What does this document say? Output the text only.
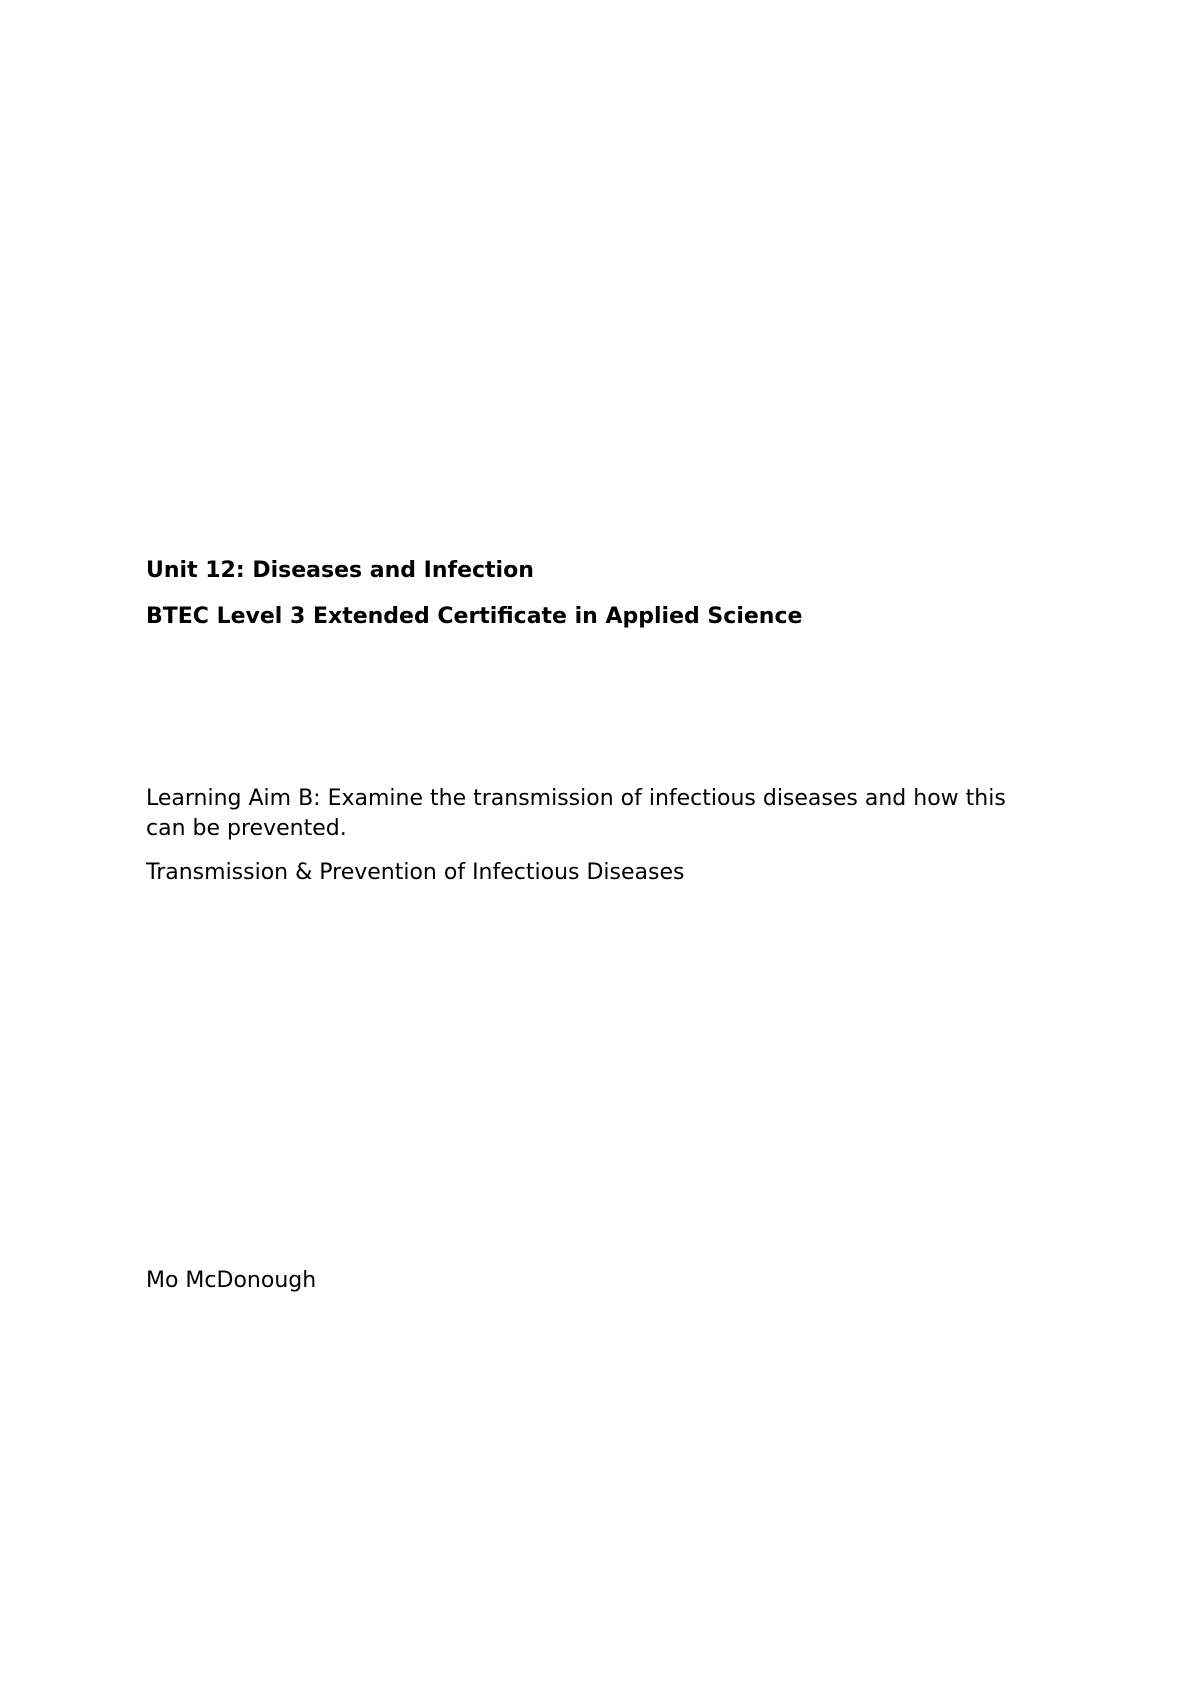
Unit 12: Diseases and Infection

BTEC Level 3 Extended Certificate in Applied Science

Learning Aim B: Examine the transmission of infectious diseases and how this can be prevented.

Transmission & Prevention of Infectious Diseases

Mo McDonough
